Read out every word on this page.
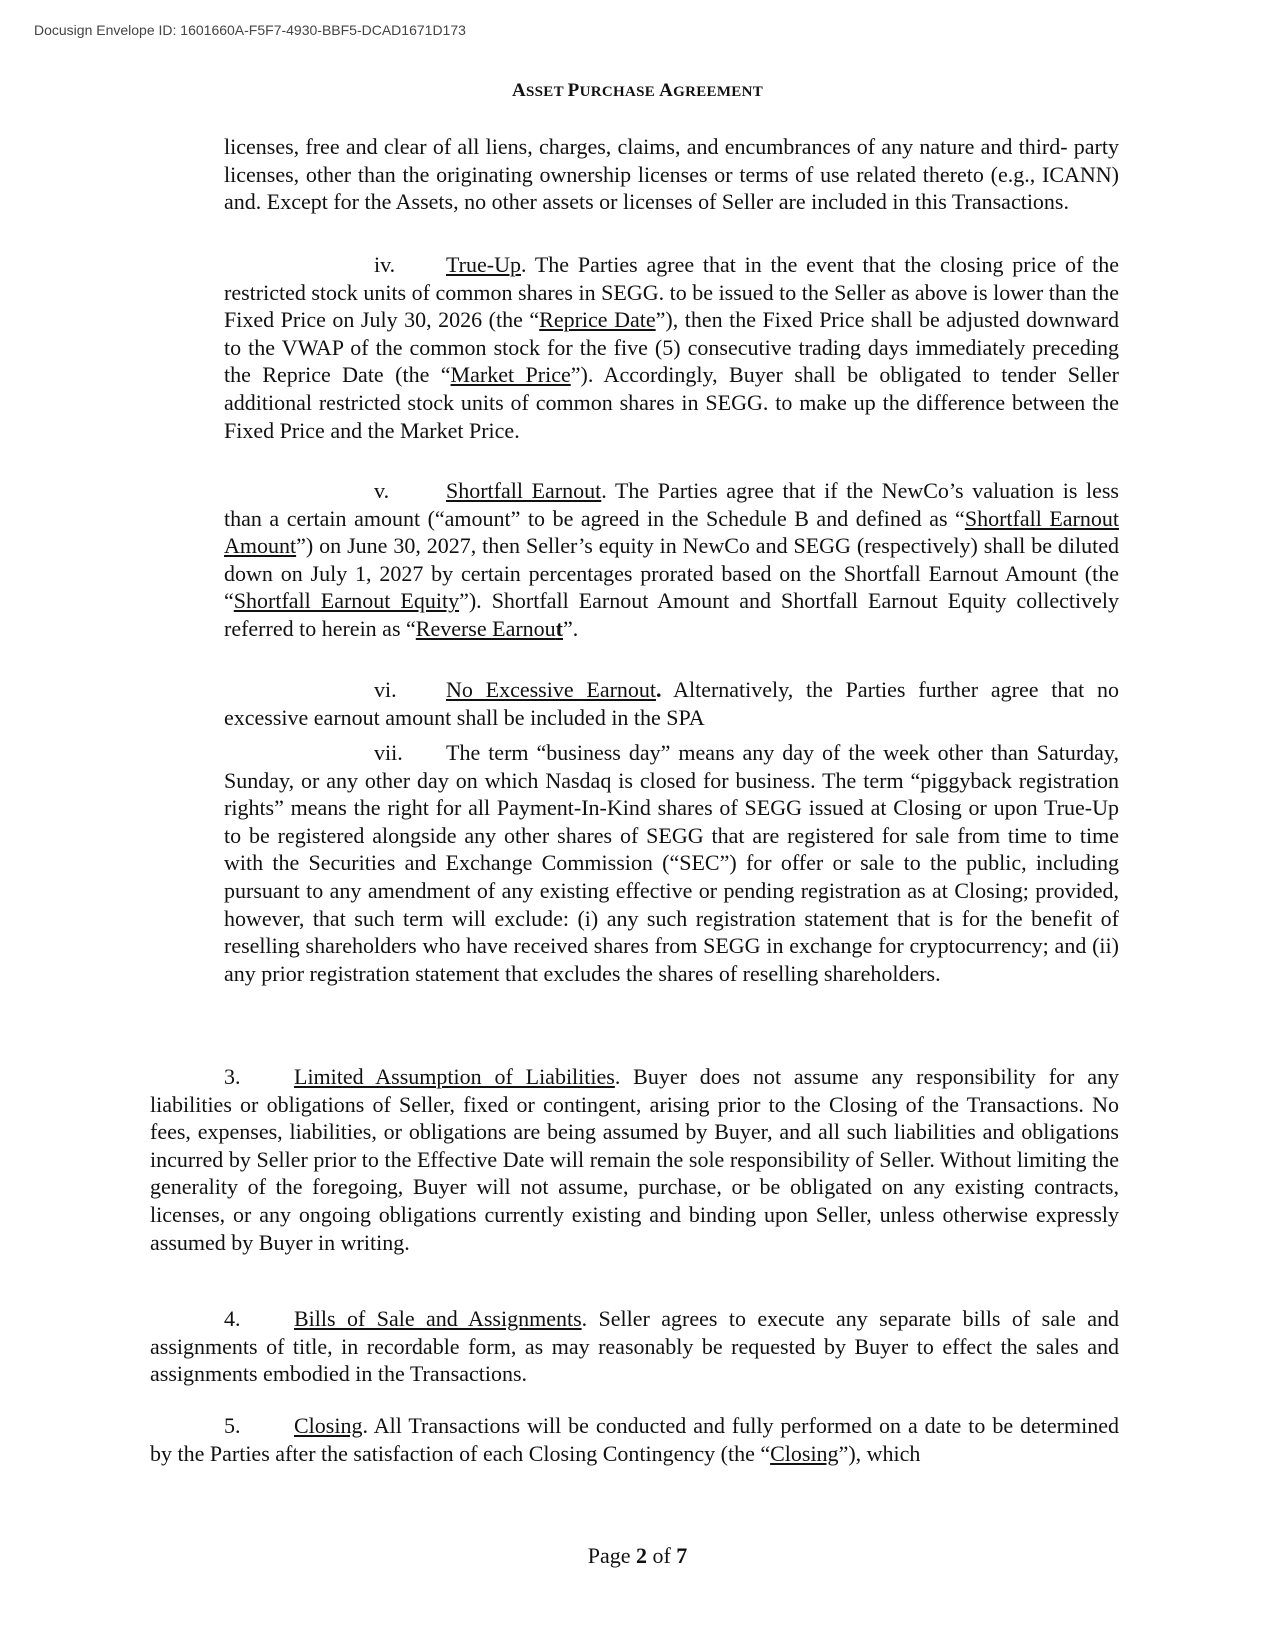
Docusign Envelope ID: 1601660A-F5F7-4930-BBF5-DCAD1671D173
ASSET PURCHASE AGREEMENT

licenses, free and clear of all liens, charges, claims, and encumbrances of any nature and third- party licenses, other than the originating ownership licenses or terms of use related thereto (e.g., ICANN) and. Except for the Assets, no other assets or licenses of Seller are included in this Transactions.

iv. True-Up. The Parties agree that in the event that the closing price of the restricted stock units of common shares in SEGG. to be issued to the Seller as above is lower than the Fixed Price on July 30, 2026 (the “Reprice Date”), then the Fixed Price shall be adjusted downward to the VWAP of the common stock for the five (5) consecutive trading days immediately preceding the Reprice Date (the “Market Price”). Accordingly, Buyer shall be obligated to tender Seller additional restricted stock units of common shares in SEGG. to make up the difference between the Fixed Price and the Market Price.

v.	Shortfall Earnout. The Parties agree that if the NewCo’s valuation is less than a certain amount (“amount” to be agreed in the Schedule B and defined as “Shortfall Earnout Amount”) on June 30, 2027, then Seller’s equity in NewCo and SEGG (respectively) shall be diluted down on July 1, 2027 by certain percentages prorated based on the Shortfall Earnout Amount (the “Shortfall Earnout Equity”). Shortfall Earnout Amount and Shortfall Earnout Equity collectively referred to herein as “Reverse Earnout”.

vi. No Excessive Earnout. Alternatively, the Parties further agree that no excessive earnout amount shall be included in the SPA

vii. The term “business day” means any day of the week other than Saturday, Sunday, or any other day on which Nasdaq is closed for business. The term “piggyback registration rights” means the right for all Payment-In-Kind shares of SEGG issued at Closing or upon True-Up to be registered alongside any other shares of SEGG that are registered for sale from time to time with the Securities and Exchange Commission (“SEC”) for offer or sale to the public, including pursuant to any amendment of any existing effective or pending registration as at Closing; provided, however, that such term will exclude: (i) any such registration statement that is for the benefit of reselling shareholders who have received shares from SEGG in exchange for cryptocurrency; and (ii) any prior registration statement that excludes the shares of reselling shareholders.

3. Limited Assumption of Liabilities. Buyer does not assume any responsibility for any liabilities or obligations of Seller, fixed or contingent, arising prior to the Closing of the Transactions. No fees, expenses, liabilities, or obligations are being assumed by Buyer, and all such liabilities and obligations incurred by Seller prior to the Effective Date will remain the sole responsibility of Seller. Without limiting the generality of the foregoing, Buyer will not assume, purchase, or be obligated on any existing contracts, licenses, or any ongoing obligations currently existing and binding upon Seller, unless otherwise expressly assumed by Buyer in writing.

4. Bills of Sale and Assignments. Seller agrees to execute any separate bills of sale and assignments of title, in recordable form, as may reasonably be requested by Buyer to effect the sales and assignments embodied in the Transactions.

5. Closing. All Transactions will be conducted and fully performed on a date to be determined by the Parties after the satisfaction of each Closing Contingency (the “Closing”), which

Page 2 of 7
